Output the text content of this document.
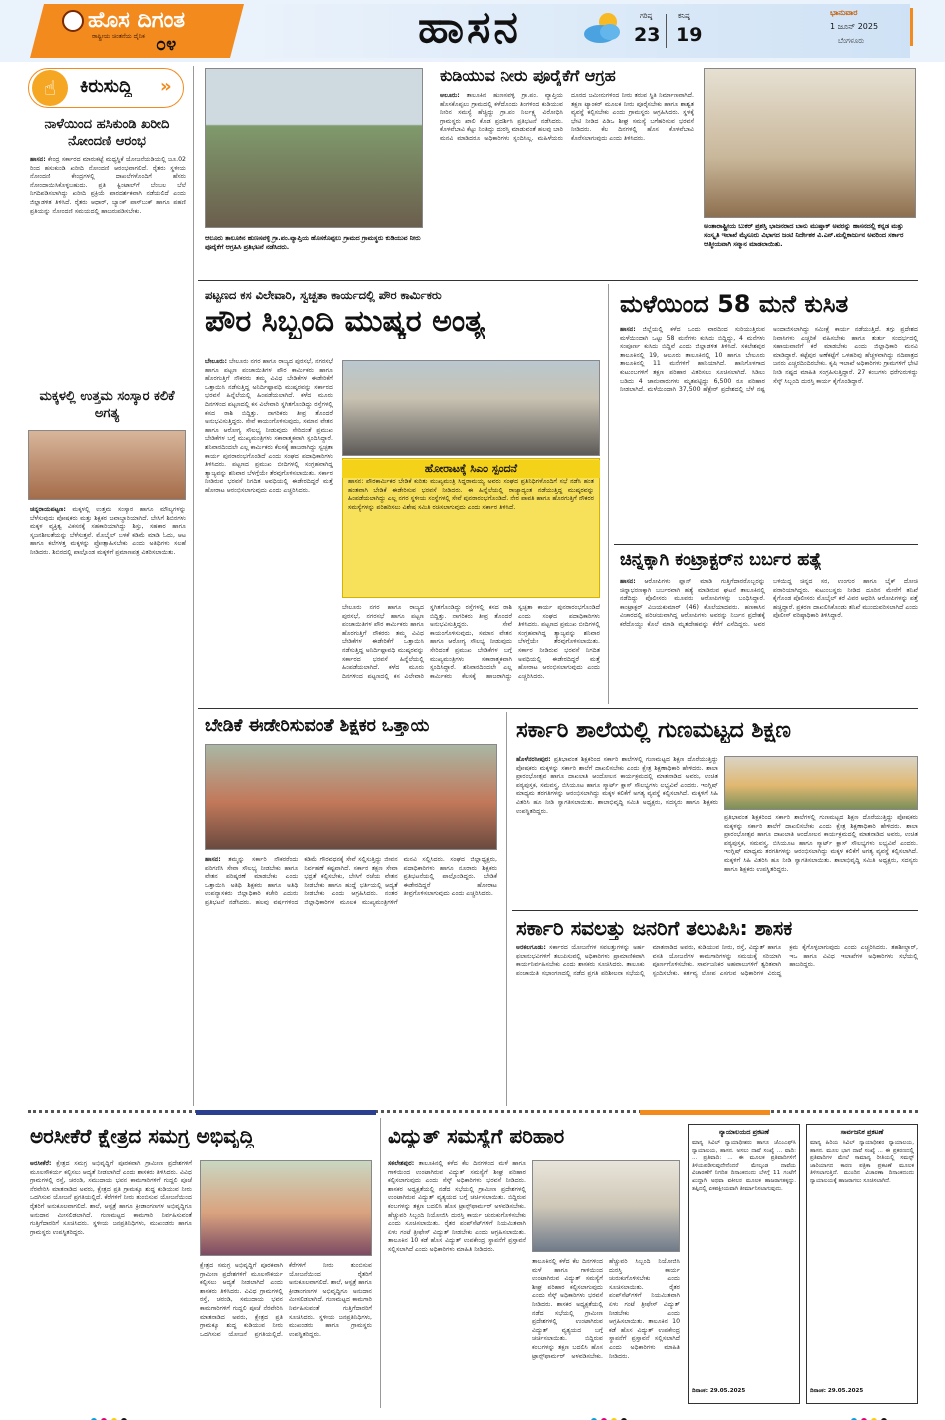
ಹೊಸ ದಿಗಂತ
ರಾಷ್ಟ್ರೀಯ ಚಿಂತನೆಯ ದೈನಿಕ ೦೪	ಹಾಸನ	ಗರಿಷ್ಠ
23
ಕನಿಷ್ಠ
19
ಭಾನುವಾರ
1 ಜೂನ್ 2025
ಬೆಂಗಳೂರು
☝	ಕಿರುಸುದ್ದಿ »
ನಾಳೆಯಿಂದ ಹಸಿಕುಂಡಿ ಖರೀದಿ ನೋಂದಣಿ ಆರಂಭ
ಹಾಸನ: ಕೇಂದ್ರ ಸರ್ಕಾರದ ಮಾರುಕಟ್ಟೆ ಮಧ್ಯಸ್ಥಿಕೆ ಯೋಜನೆಯಡಿಯಲ್ಲಿ ಜೂ.02 ರಿಂದ ಹಸುಕುಂಡಿ ಖರೀದಿ ನೋಂದಣಿ ಆರಂಭವಾಗಲಿದೆ. ರೈತರು ಸ್ಥಳೀಯ ನೋಂದಣಿ ಕೇಂದ್ರಗಳಲ್ಲಿ ದಾಖಲೆಗಳೊಂದಿಗೆ ಹೆಸರು ನೋಂದಾಯಿಸಿಕೊಳ್ಳಬಹುದು. ಪ್ರತಿ ಕ್ವಿಂಟಾಲ್‌ಗೆ ಬೆಂಬಲ ಬೆಲೆ ನಿಗದಿಪಡಿಸಲಾಗಿದ್ದು ಖರೀದಿ ಪ್ರಕ್ರಿಯೆ ಪಾರದರ್ಶಕವಾಗಿ ನಡೆಯಲಿದೆ ಎಂದು ಜಿಲ್ಲಾಡಳಿತ ತಿಳಿಸಿದೆ. ರೈತರು ಆಧಾರ್, ಬ್ಯಾಂಕ್ ಪಾಸ್‌ಬುಕ್ ಹಾಗೂ ಪಹಣಿ ಪ್ರತಿಯನ್ನು ನೋಂದಣಿ ಸಮಯದಲ್ಲಿ ಹಾಜರುಪಡಿಸಬೇಕು.
ಮಕ್ಕಳಲ್ಲಿ ಉತ್ತಮ ಸಂಸ್ಕಾರ ಕಲಿಕೆ ಅಗತ್ಯ
ಚನ್ನರಾಯಪಟ್ಟಣ: ಮಕ್ಕಳಲ್ಲಿ ಉತ್ತಮ ಸಂಸ್ಕಾರ ಹಾಗೂ ಮೌಲ್ಯಗಳನ್ನು ಬೆಳೆಸುವುದು ಪೋಷಕರು ಮತ್ತು ಶಿಕ್ಷಕರ ಜವಾಬ್ದಾರಿಯಾಗಿದೆ. ಬೇಸಿಗೆ ಶಿಬಿರಗಳು ಮಕ್ಕಳ ವ್ಯಕ್ತಿತ್ವ ವಿಕಸನಕ್ಕೆ ಸಹಕಾರಿಯಾಗಿದ್ದು ಶಿಸ್ತು, ಸಹಕಾರ ಹಾಗೂ ಸೃಜನಶೀಲತೆಯನ್ನು ಬೆಳೆಸುತ್ತವೆ. ಮೊಬೈಲ್ ಬಳಕೆ ಕಡಿಮೆ ಮಾಡಿ ಓದು, ಆಟ ಹಾಗೂ ಕಲೆಗಳತ್ತ ಮಕ್ಕಳನ್ನು ಪ್ರೋತ್ಸಾಹಿಸಬೇಕು ಎಂದು ಅತಿಥಿಗಳು ಸಲಹೆ ನೀಡಿದರು. ಶಿಬಿರದಲ್ಲಿ ಪಾಲ್ಗೊಂಡ ಮಕ್ಕಳಿಗೆ ಪ್ರಮಾಣಪತ್ರ ವಿತರಿಸಲಾಯಿತು.
ಆಲೂರು ತಾಲೂಕಿನ ಹುಣಸವಳ್ಳಿ ಗ್ರಾ.ಪಂ.ವ್ಯಾಪ್ತಿಯ ಹೊಸಕೊಪ್ಪಲು ಗ್ರಾಮದ ಗ್ರಾಮಸ್ಥರು ಕುಡಿಯುವ ನೀರು ಪೂರೈಕೆಗೆ ಆಗ್ರಹಿಸಿ ಪ್ರತಿಭಟನೆ ನಡೆಸಿದರು.
ಕುಡಿಯುವ ನೀರು ಪೂರೈಕೆಗೆ ಆಗ್ರಹ
ಆಲೂರು: ತಾಲೂಕಿನ ಹುಣಸವಳ್ಳಿ ಗ್ರಾ.ಪಂ. ವ್ಯಾಪ್ತಿಯ ಹೊಸಕೊಪ್ಪಲು ಗ್ರಾಮದಲ್ಲಿ ಕಳೆದೊಂದು ತಿಂಗಳಿಂದ ಕುಡಿಯುವ ನೀರಿನ ಸಮಸ್ಯೆ ಹೆಚ್ಚಿದ್ದು ಗ್ರಾ.ಪಂ ನಿರ್ಲಕ್ಷ್ಯ ವಿರೋಧಿಸಿ ಗ್ರಾಮಸ್ಥರು ಖಾಲಿ ಕೊಡ ಪ್ರದರ್ಶಿಸಿ ಪ್ರತಿಭಟನೆ ನಡೆಸಿದರು. ಕೊಳವೆಬಾವಿ ಕೆಟ್ಟು ನಿಂತಿದ್ದು ದುರಸ್ತಿ ಮಾಡುವಂತೆ ಹಲವು ಬಾರಿ ಮನವಿ ಮಾಡಿದರೂ ಅಧಿಕಾರಿಗಳು ಸ್ಪಂದಿಸಿಲ್ಲ. ಮಹಿಳೆಯರು ದೂರದ ಜಮೀನುಗಳಿಂದ ನೀರು ತರುವ ಸ್ಥಿತಿ ನಿರ್ಮಾಣವಾಗಿದೆ. ತಕ್ಷಣ ಟ್ಯಾಂಕರ್ ಮೂಲಕ ನೀರು ಪೂರೈಸಬೇಕು ಹಾಗೂ ಶಾಶ್ವತ ವ್ಯವಸ್ಥೆ ಕಲ್ಪಿಸಬೇಕು ಎಂದು ಗ್ರಾಮಸ್ಥರು ಆಗ್ರಹಿಸಿದರು. ಸ್ಥಳಕ್ಕೆ ಭೇಟಿ ನೀಡಿದ ಪಿಡಿಒ ಶೀಘ್ರ ಸಮಸ್ಯೆ ಬಗೆಹರಿಸುವ ಭರವಸೆ ನೀಡಿದರು. ಕೆಲ ದಿನಗಳಲ್ಲಿ ಹೊಸ ಕೊಳವೆಬಾವಿ ಕೊರೆಸಲಾಗುವುದು ಎಂದು ತಿಳಿಸಿದರು.
ಅಂತಾರಾಷ್ಟ್ರೀಯ ಬುಕರ್ ಪ್ರಶಸ್ತಿ ಭಾಜನರಾದ ಬಾನು ಮುಷ್ತಾಕ್ ಅವರನ್ನು ಹಾಸನದಲ್ಲಿ ಕನ್ನಡ ಮತ್ತು ಸಂಸ್ಕೃತಿ ಇಲಾಖೆ ಮೈಸೂರು ವಿಭಾಗದ ಜಂಟಿ ನಿರ್ದೇಶಕ ವಿ.ಎನ್.ಮಲ್ಲಿಕಾರ್ಜುನ ಅವರಿಂದ ಸರ್ಕಾರ ಆತ್ಮೀಯವಾಗಿ ಸನ್ಮಾನ ಮಾಡಲಾಯಿತು.
ಪಟ್ಟಣದ ಕಸ ವಿಲೇವಾರಿ, ಸ್ವಚ್ಛತಾ ಕಾರ್ಯದಲ್ಲಿ ಪೌರ ಕಾರ್ಮಿಕರು
ಪೌರ ಸಿಬ್ಬಂದಿ ಮುಷ್ಕರ ಅಂತ್ಯ
ಬೇಲೂರು: ಬೇಲೂರು ನಗರ ಹಾಗೂ ರಾಜ್ಯದ ಪುರಸಭೆ, ನಗರಸಭೆ ಹಾಗೂ ಪಟ್ಟಣ ಪಂಚಾಯಿತಿಗಳ ಪೌರ ಕಾರ್ಮಿಕರು ಹಾಗೂ ಹೊರಗುತ್ತಿಗೆ ನೌಕರರು ತಮ್ಮ ವಿವಿಧ ಬೇಡಿಕೆಗಳ ಈಡೇರಿಕೆಗೆ ಒತ್ತಾಯಿಸಿ ನಡೆಸುತ್ತಿದ್ದ ಅನಿರ್ದಿಷ್ಟಾವಧಿ ಮುಷ್ಕರವನ್ನು ಸರ್ಕಾರದ ಭರವಸೆ ಹಿನ್ನೆಲೆಯಲ್ಲಿ ಹಿಂಪಡೆಯಲಾಗಿದೆ. ಕಳೆದ ಮೂರು ದಿನಗಳಿಂದ ಪಟ್ಟಣದಲ್ಲಿ ಕಸ ವಿಲೇವಾರಿ ಸ್ಥಗಿತಗೊಂಡಿದ್ದು ರಸ್ತೆಗಳಲ್ಲಿ ಕಸದ ರಾಶಿ ಬಿದ್ದಿತ್ತು. ನಾಗರಿಕರು ತೀವ್ರ ತೊಂದರೆ ಅನುಭವಿಸುತ್ತಿದ್ದರು. ಸೇವೆ ಕಾಯಂಗೊಳಿಸುವುದು, ಸಮಾನ ವೇತನ ಹಾಗೂ ಆರೋಗ್ಯ ಸೌಲಭ್ಯ ನೀಡುವುದು ಸೇರಿದಂತೆ ಪ್ರಮುಖ ಬೇಡಿಕೆಗಳ ಬಗ್ಗೆ ಮುಖ್ಯಮಂತ್ರಿಗಳು ಸಕಾರಾತ್ಮಕವಾಗಿ ಸ್ಪಂದಿಸಿದ್ದಾರೆ. ಶನಿವಾರದಿಂದಲೇ ಎಲ್ಲ ಕಾರ್ಮಿಕರು ಕೆಲಸಕ್ಕೆ ಹಾಜರಾಗಿದ್ದು ಸ್ವಚ್ಛತಾ ಕಾರ್ಯ ಪುನರಾರಂಭಗೊಂಡಿದೆ ಎಂದು ಸಂಘದ ಪದಾಧಿಕಾರಿಗಳು ತಿಳಿಸಿದರು. ಪಟ್ಟಣದ ಪ್ರಮುಖ ಬೀದಿಗಳಲ್ಲಿ ಸಂಗ್ರಹವಾಗಿದ್ದ ತ್ಯಾಜ್ಯವನ್ನು ಶನಿವಾರ ಬೆಳಗ್ಗೆಯೇ ತೆರವುಗೊಳಿಸಲಾಯಿತು. ಸರ್ಕಾರ ನೀಡಿರುವ ಭರವಸೆ ನಿಗದಿತ ಅವಧಿಯಲ್ಲಿ ಈಡೇರದಿದ್ದರೆ ಮತ್ತೆ ಹೋರಾಟ ಆರಂಭಿಸಲಾಗುವುದು ಎಂದು ಎಚ್ಚರಿಸಿದರು.
ಹೋರಾಟಕ್ಕೆ ಸಿಎಂ ಸ್ಪಂದನೆ
ಹಾಸನ: ಪೌರಕಾರ್ಮಿಕರ ಬೇಡಿಕೆ ಕುರಿತು ಮುಖ್ಯಮಂತ್ರಿ ಸಿದ್ದರಾಮಯ್ಯ ಅವರು ಸಂಘದ ಪ್ರತಿನಿಧಿಗಳೊಂದಿಗೆ ಸಭೆ ನಡೆಸಿ ಹಂತ ಹಂತವಾಗಿ ಬೇಡಿಕೆ ಈಡೇರಿಸುವ ಭರವಸೆ ನೀಡಿದರು. ಈ ಹಿನ್ನೆಲೆಯಲ್ಲಿ ರಾಜ್ಯಾದ್ಯಂತ ನಡೆಯುತ್ತಿದ್ದ ಮುಷ್ಕರವನ್ನು ಹಿಂಪಡೆಯಲಾಗಿದ್ದು ಎಲ್ಲ ನಗರ ಸ್ಥಳೀಯ ಸಂಸ್ಥೆಗಳಲ್ಲಿ ಸೇವೆ ಪುನರಾರಂಭಗೊಂಡಿದೆ. ನೇರ ಪಾವತಿ ಹಾಗೂ ಹೊರಗುತ್ತಿಗೆ ನೌಕರರ ಸಮಸ್ಯೆಗಳನ್ನು ಪರಿಹರಿಸಲು ವಿಶೇಷ ಸಮಿತಿ ರಚಿಸಲಾಗುವುದು ಎಂದು ಸರ್ಕಾರ ತಿಳಿಸಿದೆ.
ಬೇಲೂರು ನಗರ ಹಾಗೂ ರಾಜ್ಯದ ಪುರಸಭೆ, ನಗರಸಭೆ ಹಾಗೂ ಪಟ್ಟಣ ಪಂಚಾಯಿತಿಗಳ ಪೌರ ಕಾರ್ಮಿಕರು ಹಾಗೂ ಹೊರಗುತ್ತಿಗೆ ನೌಕರರು ತಮ್ಮ ವಿವಿಧ ಬೇಡಿಕೆಗಳ ಈಡೇರಿಕೆಗೆ ಒತ್ತಾಯಿಸಿ ನಡೆಸುತ್ತಿದ್ದ ಅನಿರ್ದಿಷ್ಟಾವಧಿ ಮುಷ್ಕರವನ್ನು ಸರ್ಕಾರದ ಭರವಸೆ ಹಿನ್ನೆಲೆಯಲ್ಲಿ ಹಿಂಪಡೆಯಲಾಗಿದೆ. ಕಳೆದ ಮೂರು ದಿನಗಳಿಂದ ಪಟ್ಟಣದಲ್ಲಿ ಕಸ ವಿಲೇವಾರಿ ಸ್ಥಗಿತಗೊಂಡಿದ್ದು ರಸ್ತೆಗಳಲ್ಲಿ ಕಸದ ರಾಶಿ ಬಿದ್ದಿತ್ತು. ನಾಗರಿಕರು ತೀವ್ರ ತೊಂದರೆ ಅನುಭವಿಸುತ್ತಿದ್ದರು. ಸೇವೆ ಕಾಯಂಗೊಳಿಸುವುದು, ಸಮಾನ ವೇತನ ಹಾಗೂ ಆರೋಗ್ಯ ಸೌಲಭ್ಯ ನೀಡುವುದು ಸೇರಿದಂತೆ ಪ್ರಮುಖ ಬೇಡಿಕೆಗಳ ಬಗ್ಗೆ ಮುಖ್ಯಮಂತ್ರಿಗಳು ಸಕಾರಾತ್ಮಕವಾಗಿ ಸ್ಪಂದಿಸಿದ್ದಾರೆ. ಶನಿವಾರದಿಂದಲೇ ಎಲ್ಲ ಕಾರ್ಮಿಕರು ಕೆಲಸಕ್ಕೆ ಹಾಜರಾಗಿದ್ದು ಸ್ವಚ್ಛತಾ ಕಾರ್ಯ ಪುನರಾರಂಭಗೊಂಡಿದೆ ಎಂದು ಸಂಘದ ಪದಾಧಿಕಾರಿಗಳು ತಿಳಿಸಿದರು. ಪಟ್ಟಣದ ಪ್ರಮುಖ ಬೀದಿಗಳಲ್ಲಿ ಸಂಗ್ರಹವಾಗಿದ್ದ ತ್ಯಾಜ್ಯವನ್ನು ಶನಿವಾರ ಬೆಳಗ್ಗೆಯೇ ತೆರವುಗೊಳಿಸಲಾಯಿತು. ಸರ್ಕಾರ ನೀಡಿರುವ ಭರವಸೆ ನಿಗದಿತ ಅವಧಿಯಲ್ಲಿ ಈಡೇರದಿದ್ದರೆ ಮತ್ತೆ ಹೋರಾಟ ಆರಂಭಿಸಲಾಗುವುದು ಎಂದು ಎಚ್ಚರಿಸಿದರು.
ಮಳೆಯಿಂದ 58 ಮನೆ ಕುಸಿತ
ಹಾಸನ: ಜಿಲ್ಲೆಯಲ್ಲಿ ಕಳೆದ ಒಂದು ವಾರದಿಂದ ಸುರಿಯುತ್ತಿರುವ ಮಳೆಯಿಂದಾಗಿ ಒಟ್ಟು 58 ಮನೆಗಳು ಕುಸಿದು ಬಿದ್ದಿದ್ದು, 4 ಮನೆಗಳು ಸಂಪೂರ್ಣ ಕುಸಿದು ಬಿದ್ದಿವೆ ಎಂದು ಜಿಲ್ಲಾಡಳಿತ ತಿಳಿಸಿದೆ. ಸಕಲೇಶಪುರ ತಾಲೂಕಿನಲ್ಲಿ 19, ಆಲೂರು ತಾಲೂಕಿನಲ್ಲಿ 10 ಹಾಗೂ ಬೇಲೂರು ತಾಲೂಕಿನಲ್ಲಿ 11 ಮನೆಗಳಿಗೆ ಹಾನಿಯಾಗಿದೆ. ಹಾನಿಗೊಳಗಾದ ಕುಟುಂಬಗಳಿಗೆ ತಕ್ಷಣ ಪರಿಹಾರ ವಿತರಿಸಲು ಸೂಚಿಸಲಾಗಿದೆ. ಸಿಡಿಲು ಬಡಿದು 4 ಜಾನುವಾರುಗಳು ಮೃತಪಟ್ಟಿದ್ದು 6,500 ರೂ ಪರಿಹಾರ ನೀಡಲಾಗಿದೆ. ಮಳೆಯಿಂದಾಗಿ 37,500 ಹೆಕ್ಟೇರ್ ಪ್ರದೇಶದಲ್ಲಿ ಬೆಳೆ ನಷ್ಟ ಅಂದಾಜಿಸಲಾಗಿದ್ದು ಸಮೀಕ್ಷೆ ಕಾರ್ಯ ನಡೆಯುತ್ತಿದೆ. ತಗ್ಗು ಪ್ರದೇಶದ ನಿವಾಸಿಗಳು ಎಚ್ಚರಿಕೆ ವಹಿಸಬೇಕು ಹಾಗೂ ತುರ್ತು ಸಂದರ್ಭದಲ್ಲಿ ಸಹಾಯವಾಣಿಗೆ ಕರೆ ಮಾಡಬೇಕು ಎಂದು ಜಿಲ್ಲಾಧಿಕಾರಿ ಮನವಿ ಮಾಡಿದ್ದಾರೆ. ಕಟ್ಟೆಪುರ ಅಣೆಕಟ್ಟೆಗೆ ಒಳಹರಿವು ಹೆಚ್ಚಳವಾಗಿದ್ದು ನದಿಪಾತ್ರದ ಜನರು ಎಚ್ಚರದಿಂದಿರಬೇಕು. ಕೃಷಿ ಇಲಾಖೆ ಅಧಿಕಾರಿಗಳು ಗ್ರಾಮಗಳಿಗೆ ಭೇಟಿ ನೀಡಿ ನಷ್ಟದ ಮಾಹಿತಿ ಸಂಗ್ರಹಿಸುತ್ತಿದ್ದಾರೆ. 27 ಕಂಬಗಳು ಧರೆಗುರುಳಿದ್ದು ಸೆಸ್ಕ್ ಸಿಬ್ಬಂದಿ ದುರಸ್ತಿ ಕಾರ್ಯ ಕೈಗೊಂಡಿದ್ದಾರೆ.
ಚಿನ್ನಕ್ಕಾಗಿ ಕಂಟ್ರಾಕ್ಟರ್‌ನ ಬರ್ಬರ ಹತ್ಯೆ
ಹಾಸನ: ಆರೋಪಿಗಳು ಪ್ಲಾನ್ ಮಾಡಿ ಗುತ್ತಿಗೆದಾರರೊಬ್ಬರನ್ನು ಚಿನ್ನಾಭರಣಕ್ಕಾಗಿ ಬರ್ಬರವಾಗಿ ಹತ್ಯೆ ಮಾಡಿರುವ ಘಟನೆ ತಾಲೂಕಿನಲ್ಲಿ ನಡೆದಿದ್ದು ಪೊಲೀಸರು ಮೂವರು ಆರೋಪಿಗಳನ್ನು ಬಂಧಿಸಿದ್ದಾರೆ. ಕಾಂಟ್ರಾಕ್ಟರ್ ವಿಜಯಕುಮಾರ್ (46) ಕೊಲೆಯಾದವರು. ಹಣಕಾಸಿನ ವಿಚಾರದಲ್ಲಿ ಪರಿಚಯವಾಗಿದ್ದ ಆರೋಪಿಗಳು ಅವರನ್ನು ನಿರ್ಜನ ಪ್ರದೇಶಕ್ಕೆ ಕರೆದೊಯ್ದು ಕೊಲೆ ಮಾಡಿ ಮೃತದೇಹವನ್ನು ಕೆರೆಗೆ ಎಸೆದಿದ್ದರು. ಅವರ ಬಳಿಯಿದ್ದ ಚಿನ್ನದ ಸರ, ಉಂಗುರ ಹಾಗೂ ಬೈಕ್ ದೋಚಿ ಪರಾರಿಯಾಗಿದ್ದರು. ಕುಟುಂಬಸ್ಥರು ನೀಡಿದ ದೂರಿನ ಮೇರೆಗೆ ತನಿಖೆ ಕೈಗೊಂಡ ಪೊಲೀಸರು ಮೊಬೈಲ್ ಕರೆ ವಿವರ ಆಧರಿಸಿ ಆರೋಪಿಗಳನ್ನು ಪತ್ತೆ ಹಚ್ಚಿದ್ದಾರೆ. ಪ್ರಕರಣ ದಾಖಲಿಸಿಕೊಂಡು ತನಿಖೆ ಮುಂದುವರಿಸಲಾಗಿದೆ ಎಂದು ಪೊಲೀಸ್ ವರಿಷ್ಠಾಧಿಕಾರಿ ತಿಳಿಸಿದ್ದಾರೆ.
ಬೇಡಿಕೆ ಈಡೇರಿಸುವಂತೆ ಶಿಕ್ಷಕರ ಒತ್ತಾಯ
ಹಾಸನ: ತಮ್ಮನ್ನು ಸರ್ಕಾರಿ ನೌಕರರೆಂದು ಪರಿಗಣಿಸಿ ಸೇವಾ ಸೌಲಭ್ಯ ನೀಡಬೇಕು ಹಾಗೂ ವೇತನ ಪರಿಷ್ಕರಣೆ ಮಾಡಬೇಕು ಎಂದು ಒತ್ತಾಯಿಸಿ ಅತಿಥಿ ಶಿಕ್ಷಕರು ಹಾಗೂ ಅತಿಥಿ ಉಪನ್ಯಾಸಕರು ಜಿಲ್ಲಾಧಿಕಾರಿ ಕಚೇರಿ ಎದುರು ಪ್ರತಿಭಟನೆ ನಡೆಸಿದರು. ಹಲವು ವರ್ಷಗಳಿಂದ ಕಡಿಮೆ ಗೌರವಧನಕ್ಕೆ ಸೇವೆ ಸಲ್ಲಿಸುತ್ತಿದ್ದು ಜೀವನ ನಿರ್ವಹಣೆ ಕಷ್ಟವಾಗಿದೆ. ಸರ್ಕಾರ ತಕ್ಷಣ ಸೇವಾ ಭದ್ರತೆ ಕಲ್ಪಿಸಬೇಕು, ಬೇಸಿಗೆ ರಜೆಯ ವೇತನ ನೀಡಬೇಕು ಹಾಗೂ ಹುದ್ದೆ ಭರ್ತಿಯಲ್ಲಿ ಆದ್ಯತೆ ನೀಡಬೇಕು ಎಂದು ಆಗ್ರಹಿಸಿದರು. ನಂತರ ಜಿಲ್ಲಾಧಿಕಾರಿಗಳ ಮೂಲಕ ಮುಖ್ಯಮಂತ್ರಿಗಳಿಗೆ ಮನವಿ ಸಲ್ಲಿಸಿದರು. ಸಂಘದ ಜಿಲ್ಲಾಧ್ಯಕ್ಷರು, ಪದಾಧಿಕಾರಿಗಳು ಹಾಗೂ ನೂರಾರು ಶಿಕ್ಷಕರು ಪ್ರತಿಭಟನೆಯಲ್ಲಿ ಪಾಲ್ಗೊಂಡಿದ್ದರು. ಬೇಡಿಕೆ ಈಡೇರದಿದ್ದರೆ ಹೋರಾಟ ತೀವ್ರಗೊಳಿಸಲಾಗುವುದು ಎಂದು ಎಚ್ಚರಿಸಿದರು.
ಸರ್ಕಾರಿ ಶಾಲೆಯಲ್ಲಿ ಗುಣಮಟ್ಟದ ಶಿಕ್ಷಣ
ಹೊಳೆನರಸೀಪುರ: ಪ್ರತಿಭಾವಂತ ಶಿಕ್ಷಕರಿಂದ ಸರ್ಕಾರಿ ಶಾಲೆಗಳಲ್ಲಿ ಗುಣಮಟ್ಟದ ಶಿಕ್ಷಣ ದೊರೆಯುತ್ತಿದ್ದು ಪೋಷಕರು ಮಕ್ಕಳನ್ನು ಸರ್ಕಾರಿ ಶಾಲೆಗೆ ದಾಖಲಿಸಬೇಕು ಎಂದು ಕ್ಷೇತ್ರ ಶಿಕ್ಷಣಾಧಿಕಾರಿ ಹೇಳಿದರು. ಶಾಲಾ ಪ್ರಾರಂಭೋತ್ಸವ ಹಾಗೂ ದಾಖಲಾತಿ ಆಂದೋಲನ ಕಾರ್ಯಕ್ರಮದಲ್ಲಿ ಮಾತನಾಡಿದ ಅವರು, ಉಚಿತ ಪಠ್ಯಪುಸ್ತಕ, ಸಮವಸ್ತ್ರ, ಬಿಸಿಯೂಟ ಹಾಗೂ ಸ್ಮಾರ್ಟ್ ಕ್ಲಾಸ್ ಸೌಲಭ್ಯಗಳು ಲಭ್ಯವಿವೆ ಎಂದರು. ಇಂಗ್ಲಿಷ್ ಮಾಧ್ಯಮ ತರಗತಿಗಳನ್ನು ಆರಂಭಿಸಲಾಗಿದ್ದು ಮಕ್ಕಳ ಕಲಿಕೆಗೆ ಅಗತ್ಯ ವ್ಯವಸ್ಥೆ ಕಲ್ಪಿಸಲಾಗಿದೆ. ಮಕ್ಕಳಿಗೆ ಸಿಹಿ ವಿತರಿಸಿ ಹೂ ನೀಡಿ ಸ್ವಾಗತಿಸಲಾಯಿತು. ಶಾಲಾಭಿವೃದ್ಧಿ ಸಮಿತಿ ಅಧ್ಯಕ್ಷರು, ಸದಸ್ಯರು ಹಾಗೂ ಶಿಕ್ಷಕರು ಉಪಸ್ಥಿತರಿದ್ದರು.
ಪ್ರತಿಭಾವಂತ ಶಿಕ್ಷಕರಿಂದ ಸರ್ಕಾರಿ ಶಾಲೆಗಳಲ್ಲಿ ಗುಣಮಟ್ಟದ ಶಿಕ್ಷಣ ದೊರೆಯುತ್ತಿದ್ದು ಪೋಷಕರು ಮಕ್ಕಳನ್ನು ಸರ್ಕಾರಿ ಶಾಲೆಗೆ ದಾಖಲಿಸಬೇಕು ಎಂದು ಕ್ಷೇತ್ರ ಶಿಕ್ಷಣಾಧಿಕಾರಿ ಹೇಳಿದರು. ಶಾಲಾ ಪ್ರಾರಂಭೋತ್ಸವ ಹಾಗೂ ದಾಖಲಾತಿ ಆಂದೋಲನ ಕಾರ್ಯಕ್ರಮದಲ್ಲಿ ಮಾತನಾಡಿದ ಅವರು, ಉಚಿತ ಪಠ್ಯಪುಸ್ತಕ, ಸಮವಸ್ತ್ರ, ಬಿಸಿಯೂಟ ಹಾಗೂ ಸ್ಮಾರ್ಟ್ ಕ್ಲಾಸ್ ಸೌಲಭ್ಯಗಳು ಲಭ್ಯವಿವೆ ಎಂದರು. ಇಂಗ್ಲಿಷ್ ಮಾಧ್ಯಮ ತರಗತಿಗಳನ್ನು ಆರಂಭಿಸಲಾಗಿದ್ದು ಮಕ್ಕಳ ಕಲಿಕೆಗೆ ಅಗತ್ಯ ವ್ಯವಸ್ಥೆ ಕಲ್ಪಿಸಲಾಗಿದೆ. ಮಕ್ಕಳಿಗೆ ಸಿಹಿ ವಿತರಿಸಿ ಹೂ ನೀಡಿ ಸ್ವಾಗತಿಸಲಾಯಿತು. ಶಾಲಾಭಿವೃದ್ಧಿ ಸಮಿತಿ ಅಧ್ಯಕ್ಷರು, ಸದಸ್ಯರು ಹಾಗೂ ಶಿಕ್ಷಕರು ಉಪಸ್ಥಿತರಿದ್ದರು.
ಸರ್ಕಾರಿ ಸವಲತ್ತು ಜನರಿಗೆ ತಲುಪಿಸಿ: ಶಾಸಕ
ಅರಕಲಗೂಡು: ಸರ್ಕಾರದ ಯೋಜನೆಗಳ ಸವಲತ್ತುಗಳನ್ನು ಅರ್ಹ ಫಲಾನುಭವಿಗಳಿಗೆ ತಲುಪಿಸುವಲ್ಲಿ ಅಧಿಕಾರಿಗಳು ಪ್ರಾಮಾಣಿಕವಾಗಿ ಕಾರ್ಯನಿರ್ವಹಿಸಬೇಕು ಎಂದು ಶಾಸಕರು ಸೂಚಿಸಿದರು. ತಾಲೂಕು ಪಂಚಾಯಿತಿ ಸಭಾಂಗಣದಲ್ಲಿ ನಡೆದ ಪ್ರಗತಿ ಪರಿಶೀಲನಾ ಸಭೆಯಲ್ಲಿ ಮಾತನಾಡಿದ ಅವರು, ಕುಡಿಯುವ ನೀರು, ರಸ್ತೆ, ವಿದ್ಯುತ್ ಹಾಗೂ ವಸತಿ ಯೋಜನೆಗಳ ಕಾಮಗಾರಿಗಳನ್ನು ಸಮಯಕ್ಕೆ ಸರಿಯಾಗಿ ಪೂರ್ಣಗೊಳಿಸಬೇಕು. ಸಾರ್ವಜನಿಕರ ಅಹವಾಲುಗಳಿಗೆ ತ್ವರಿತವಾಗಿ ಸ್ಪಂದಿಸಬೇಕು. ಕರ್ತವ್ಯ ಲೋಪ ಎಸಗುವ ಅಧಿಕಾರಿಗಳ ವಿರುದ್ಧ ಕ್ರಮ ಕೈಗೊಳ್ಳಲಾಗುವುದು ಎಂದು ಎಚ್ಚರಿಸಿದರು. ತಹಶೀಲ್ದಾರ್, ಇಒ ಹಾಗೂ ವಿವಿಧ ಇಲಾಖೆಗಳ ಅಧಿಕಾರಿಗಳು ಸಭೆಯಲ್ಲಿ ಹಾಜರಿದ್ದರು.
ಅರಸೀಕೆರೆ ಕ್ಷೇತ್ರದ ಸಮಗ್ರ ಅಭಿವೃದ್ಧಿ
ಅರಸೀಕೆರೆ: ಕ್ಷೇತ್ರದ ಸಮಗ್ರ ಅಭಿವೃದ್ಧಿಗೆ ಪೂರಕವಾಗಿ ಗ್ರಾಮೀಣ ಪ್ರದೇಶಗಳಿಗೆ ಮೂಲಸೌಕರ್ಯ ಕಲ್ಪಿಸಲು ಆದ್ಯತೆ ನೀಡಲಾಗಿದೆ ಎಂದು ಶಾಸಕರು ತಿಳಿಸಿದರು. ವಿವಿಧ ಗ್ರಾಮಗಳಲ್ಲಿ ರಸ್ತೆ, ಚರಂಡಿ, ಸಮುದಾಯ ಭವನ ಕಾಮಗಾರಿಗಳಿಗೆ ಗುದ್ದಲಿ ಪೂಜೆ ನೆರವೇರಿಸಿ ಮಾತನಾಡಿದ ಅವರು, ಕ್ಷೇತ್ರದ ಪ್ರತಿ ಗ್ರಾಮಕ್ಕೂ ಶುದ್ಧ ಕುಡಿಯುವ ನೀರು ಒದಗಿಸುವ ಯೋಜನೆ ಪ್ರಗತಿಯಲ್ಲಿದೆ. ಕೆರೆಗಳಿಗೆ ನೀರು ತುಂಬಿಸುವ ಯೋಜನೆಯಿಂದ ರೈತರಿಗೆ ಅನುಕೂಲವಾಗಲಿದೆ. ಶಾಲೆ, ಆಸ್ಪತ್ರೆ ಹಾಗೂ ಕ್ರೀಡಾಂಗಣಗಳ ಅಭಿವೃದ್ಧಿಗೂ ಅನುದಾನ ಮೀಸಲಿಡಲಾಗಿದೆ. ಗುಣಮಟ್ಟದ ಕಾಮಗಾರಿ ನಿರ್ವಹಿಸುವಂತೆ ಗುತ್ತಿಗೆದಾರರಿಗೆ ಸೂಚಿಸಿದರು. ಸ್ಥಳೀಯ ಜನಪ್ರತಿನಿಧಿಗಳು, ಮುಖಂಡರು ಹಾಗೂ ಗ್ರಾಮಸ್ಥರು ಉಪಸ್ಥಿತರಿದ್ದರು.
ಕ್ಷೇತ್ರದ ಸಮಗ್ರ ಅಭಿವೃದ್ಧಿಗೆ ಪೂರಕವಾಗಿ ಗ್ರಾಮೀಣ ಪ್ರದೇಶಗಳಿಗೆ ಮೂಲಸೌಕರ್ಯ ಕಲ್ಪಿಸಲು ಆದ್ಯತೆ ನೀಡಲಾಗಿದೆ ಎಂದು ಶಾಸಕರು ತಿಳಿಸಿದರು. ವಿವಿಧ ಗ್ರಾಮಗಳಲ್ಲಿ ರಸ್ತೆ, ಚರಂಡಿ, ಸಮುದಾಯ ಭವನ ಕಾಮಗಾರಿಗಳಿಗೆ ಗುದ್ದಲಿ ಪೂಜೆ ನೆರವೇರಿಸಿ ಮಾತನಾಡಿದ ಅವರು, ಕ್ಷೇತ್ರದ ಪ್ರತಿ ಗ್ರಾಮಕ್ಕೂ ಶುದ್ಧ ಕುಡಿಯುವ ನೀರು ಒದಗಿಸುವ ಯೋಜನೆ ಪ್ರಗತಿಯಲ್ಲಿದೆ. ಕೆರೆಗಳಿಗೆ ನೀರು ತುಂಬಿಸುವ ಯೋಜನೆಯಿಂದ ರೈತರಿಗೆ ಅನುಕೂಲವಾಗಲಿದೆ. ಶಾಲೆ, ಆಸ್ಪತ್ರೆ ಹಾಗೂ ಕ್ರೀಡಾಂಗಣಗಳ ಅಭಿವೃದ್ಧಿಗೂ ಅನುದಾನ ಮೀಸಲಿಡಲಾಗಿದೆ. ಗುಣಮಟ್ಟದ ಕಾಮಗಾರಿ ನಿರ್ವಹಿಸುವಂತೆ ಗುತ್ತಿಗೆದಾರರಿಗೆ ಸೂಚಿಸಿದರು. ಸ್ಥಳೀಯ ಜನಪ್ರತಿನಿಧಿಗಳು, ಮುಖಂಡರು ಹಾಗೂ ಗ್ರಾಮಸ್ಥರು ಉಪಸ್ಥಿತರಿದ್ದರು.
ವಿದ್ಯುತ್ ಸಮಸ್ಯೆಗೆ ಪರಿಹಾರ
ಸಕಲೇಶಪುರ: ತಾಲೂಕಿನಲ್ಲಿ ಕಳೆದ ಕೆಲ ದಿನಗಳಿಂದ ಮಳೆ ಹಾಗೂ ಗಾಳಿಯಿಂದ ಉಂಟಾಗಿರುವ ವಿದ್ಯುತ್ ಸಮಸ್ಯೆಗೆ ಶೀಘ್ರ ಪರಿಹಾರ ಕಲ್ಪಿಸಲಾಗುವುದು ಎಂದು ಸೆಸ್ಕ್ ಅಧಿಕಾರಿಗಳು ಭರವಸೆ ನೀಡಿದರು. ಶಾಸಕರ ಅಧ್ಯಕ್ಷತೆಯಲ್ಲಿ ನಡೆದ ಸಭೆಯಲ್ಲಿ ಗ್ರಾಮೀಣ ಪ್ರದೇಶಗಳಲ್ಲಿ ಉಂಟಾಗಿರುವ ವಿದ್ಯುತ್ ವ್ಯತ್ಯಯದ ಬಗ್ಗೆ ಚರ್ಚಿಸಲಾಯಿತು. ಬಿದ್ದಿರುವ ಕಂಬಗಳನ್ನು ತಕ್ಷಣ ಬದಲಿಸಿ ಹೊಸ ಟ್ರಾನ್ಸ್‌ಫಾರ್ಮರ್ ಅಳವಡಿಸಬೇಕು. ಹೆಚ್ಚುವರಿ ಸಿಬ್ಬಂದಿ ನಿಯೋಜಿಸಿ ದುರಸ್ತಿ ಕಾರ್ಯ ಚುರುಕುಗೊಳಿಸಬೇಕು ಎಂದು ಸೂಚಿಸಲಾಯಿತು. ರೈತರ ಪಂಪ್‌ಸೆಟ್‌ಗಳಿಗೆ ನಿಯಮಿತವಾಗಿ ಏಳು ಗಂಟೆ ತ್ರೀಫೇಸ್ ವಿದ್ಯುತ್ ನೀಡಬೇಕು ಎಂದು ಆಗ್ರಹಿಸಲಾಯಿತು. ತಾಲೂಕಿನ 10 ಕಡೆ ಹೊಸ ವಿದ್ಯುತ್ ಉಪಕೇಂದ್ರ ಸ್ಥಾಪನೆಗೆ ಪ್ರಸ್ತಾವನೆ ಸಲ್ಲಿಸಲಾಗಿದೆ ಎಂದು ಅಧಿಕಾರಿಗಳು ಮಾಹಿತಿ ನೀಡಿದರು.
ತಾಲೂಕಿನಲ್ಲಿ ಕಳೆದ ಕೆಲ ದಿನಗಳಿಂದ ಮಳೆ ಹಾಗೂ ಗಾಳಿಯಿಂದ ಉಂಟಾಗಿರುವ ವಿದ್ಯುತ್ ಸಮಸ್ಯೆಗೆ ಶೀಘ್ರ ಪರಿಹಾರ ಕಲ್ಪಿಸಲಾಗುವುದು ಎಂದು ಸೆಸ್ಕ್ ಅಧಿಕಾರಿಗಳು ಭರವಸೆ ನೀಡಿದರು. ಶಾಸಕರ ಅಧ್ಯಕ್ಷತೆಯಲ್ಲಿ ನಡೆದ ಸಭೆಯಲ್ಲಿ ಗ್ರಾಮೀಣ ಪ್ರದೇಶಗಳಲ್ಲಿ ಉಂಟಾಗಿರುವ ವಿದ್ಯುತ್ ವ್ಯತ್ಯಯದ ಬಗ್ಗೆ ಚರ್ಚಿಸಲಾಯಿತು. ಬಿದ್ದಿರುವ ಕಂಬಗಳನ್ನು ತಕ್ಷಣ ಬದಲಿಸಿ ಹೊಸ ಟ್ರಾನ್ಸ್‌ಫಾರ್ಮರ್ ಅಳವಡಿಸಬೇಕು. ಹೆಚ್ಚುವರಿ ಸಿಬ್ಬಂದಿ ನಿಯೋಜಿಸಿ ದುರಸ್ತಿ ಕಾರ್ಯ ಚುರುಕುಗೊಳಿಸಬೇಕು ಎಂದು ಸೂಚಿಸಲಾಯಿತು. ರೈತರ ಪಂಪ್‌ಸೆಟ್‌ಗಳಿಗೆ ನಿಯಮಿತವಾಗಿ ಏಳು ಗಂಟೆ ತ್ರೀಫೇಸ್ ವಿದ್ಯುತ್ ನೀಡಬೇಕು ಎಂದು ಆಗ್ರಹಿಸಲಾಯಿತು. ತಾಲೂಕಿನ 10 ಕಡೆ ಹೊಸ ವಿದ್ಯುತ್ ಉಪಕೇಂದ್ರ ಸ್ಥಾಪನೆಗೆ ಪ್ರಸ್ತಾವನೆ ಸಲ್ಲಿಸಲಾಗಿದೆ ಎಂದು ಅಧಿಕಾರಿಗಳು ಮಾಹಿತಿ ನೀಡಿದರು.
ನ್ಯಾಯಾಲಯದ ಪ್ರಕಟಣೆ
ಮಾನ್ಯ ಸಿವಿಲ್ ನ್ಯಾಯಾಧೀಶರು ಹಾಗೂ ಜೆಎಂಎಫ್‌ಸಿ ನ್ಯಾಯಾಲಯ, ಹಾಸನ. ಅಸಲು ದಾವೆ ಸಂಖ್ಯೆ ... ವಾದಿ: ... ಪ್ರತಿವಾದಿ: ... ಈ ಮೂಲಕ ಪ್ರತಿವಾದಿಗಳಿಗೆ ತಿಳಿಯಪಡಿಸುವುದೇನೆಂದರೆ ಮೇಲ್ಕಂಡ ದಾವೆಯ ವಿಚಾರಣೆಗೆ ನಿಗದಿತ ದಿನಾಂಕದಂದು ಬೆಳಗ್ಗೆ 11 ಗಂಟೆಗೆ ಖುದ್ದಾಗಿ ಅಥವಾ ವಕೀಲರ ಮೂಲಕ ಹಾಜರಾಗತಕ್ಕದ್ದು. ತಪ್ಪಿದಲ್ಲಿ ಏಕಪಕ್ಷೀಯವಾಗಿ ತೀರ್ಮಾನಿಸಲಾಗುವುದು.
ದಿನಾಂಕ: 29.05.2025
ಸಾರ್ವಜನಿಕ ಪ್ರಕಟಣೆ
ಮಾನ್ಯ ಹಿರಿಯ ಸಿವಿಲ್ ನ್ಯಾಯಾಧೀಶರ ನ್ಯಾಯಾಲಯ, ಹಾಸನ. ಮೂಲ ಭಾಗ ದಾವೆ ಸಂಖ್ಯೆ ... ಈ ಪ್ರಕರಣದಲ್ಲಿ ಪ್ರತಿವಾದಿಗಳ ಮೇಲೆ ಸಾಮಾನ್ಯ ರೀತಿಯಲ್ಲಿ ಸಮನ್ಸ್ ಜಾರಿಯಾಗದ ಕಾರಣ ಪತ್ರಿಕಾ ಪ್ರಕಟಣೆ ಮೂಲಕ ತಿಳಿಸಲಾಗುತ್ತಿದೆ. ಮುಂದಿನ ವಿಚಾರಣಾ ದಿನಾಂಕದಂದು ನ್ಯಾಯಾಲಯಕ್ಕೆ ಹಾಜರಾಗಲು ಸೂಚಿಸಲಾಗಿದೆ.
ದಿನಾಂಕ: 29.05.2025
